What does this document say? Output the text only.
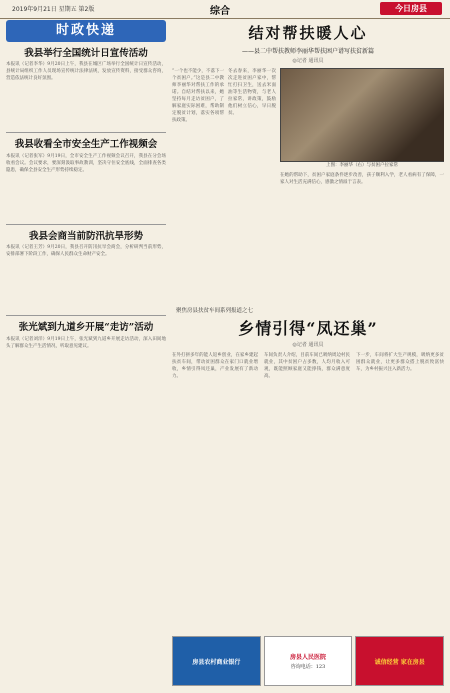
2019年9月21日 星期五 第2版	综合	今日房县
时政快递
我县举行全国统计日宣传活动
本报讯（记者李华）9月20日上午，我县在城区广场举行全国统计日宣传活动，县统计局组织工作人员现场宣传统计法律法规，发放宣传资料，接受群众咨询，营造依法统计良好氛围。
我县收看全市安全生产工作视频会
本报讯（记者张军）9月19日，全市安全生产工作视频会议召开，我县在分会场收看会议。会议要求，要深刻汲取事故教训，坚决守住安全底线，全面排查各类隐患，确保全县安全生产形势持续稳定。
我县会商当前防汛抗旱形势
本报讯（记者王芳）9月20日，我县召开防汛抗旱会商会，分析研判当前形势，安排部署下阶段工作，确保人民群众生命财产安全。
张光斌到九道乡开展“走访”活动
本报讯（记者刘洋）9月19日上午，张光斌到九道乡开展走访活动，深入田间地头了解群众生产生活情况，听取意见建议。
结对帮扶暖人心
——县二中帮扶教师李丽华帮扶困户谱写扶贫新篇
◎记者 通讯员
“一个也不能少，不落下一个贫困户。”这是县二中教师李丽华对帮扶工作的承诺。自结对帮扶以来，她坚持每月走访贫困户，了解家庭实际困难，帮助制定脱贫计划，落实各项帮扶政策。
冬去春来，李丽华一次次走进贫困户家中，帮忙打扫卫生，送去米面油等生活物资，与老人拉家常，讲政策，鼓励他们树立信心，早日脱贫。
上图：李丽华（右）与贫困户拉家常
在她的帮助下，贫困户家庭条件逐步改善，孩子顺利入学，老人看病有了保障，一家人对生活充满信心，感激之情溢于言表。
聚焦房县扶贫车间系列报道之七
乡情引得“凤还巢”
◎记者 通讯员
在外打拼多年的能人返乡创业，在家乡建起扶贫车间，带动贫困群众在家门口就业增收，乡情引得凤还巢，产业发展有了新动力。
车间负责人介绍，目前车间已吸纳周边村民就业，其中贫困户占多数，人均月收入可观，既能照顾家庭又能挣钱，群众满意度高。
下一步，车间将扩大生产规模，吸纳更多贫困群众就业，让更多群众搭上脱贫致富快车，为乡村振兴注入新活力。
房县农村商业银行
房县人民医院
咨询电话：123
诚信经营 家在房县
